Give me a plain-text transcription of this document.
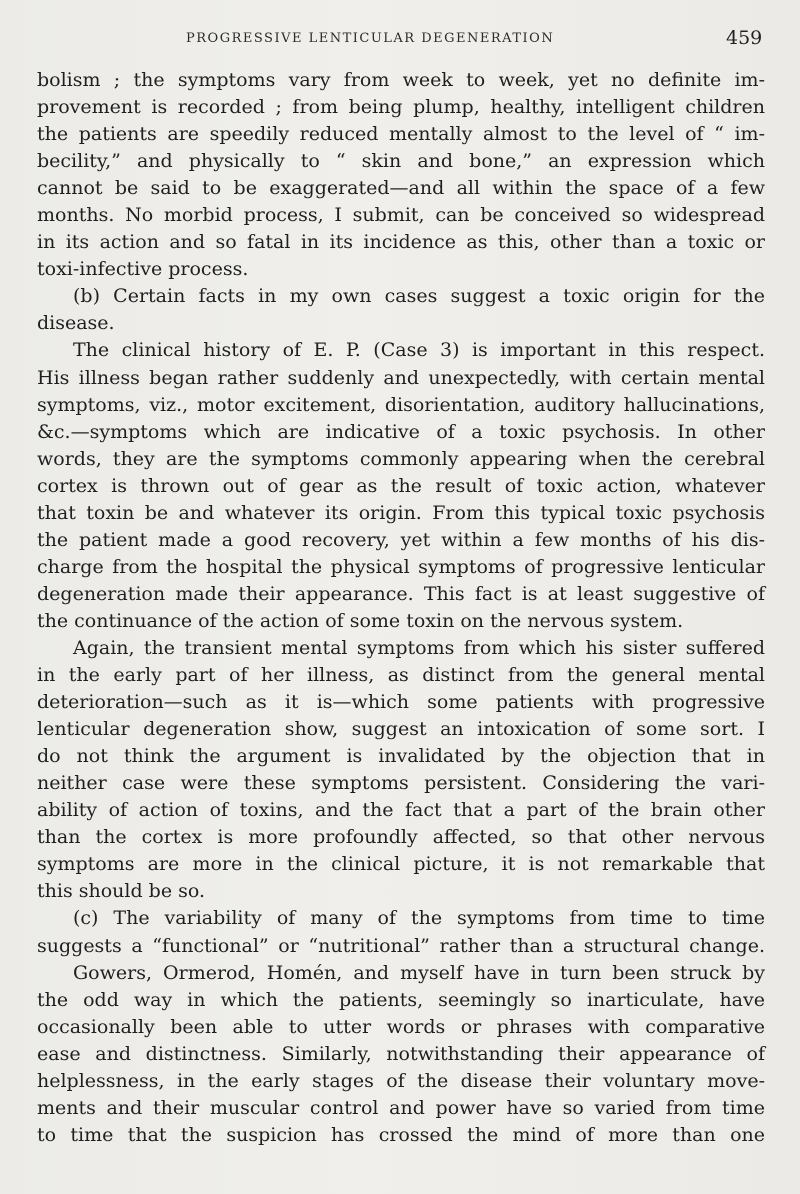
PROGRESSIVE LENTICULAR DEGENERATION	459
bolism ; the symptoms vary from week to week, yet no definite im-
provement is recorded ; from being plump, healthy, intelligent children
the patients are speedily reduced mentally almost to the level of “ im-
becility,” and physically to “ skin and bone,” an expression which
cannot be said to be exaggerated—and all within the space of a few
months. No morbid process, I submit, can be conceived so widespread
in its action and so fatal in its incidence as this, other than a toxic or
toxi-infective process.
(b) Certain facts in my own cases suggest a toxic origin for the
disease.
The clinical history of E. P. (Case 3) is important in this respect.
His illness began rather suddenly and unexpectedly, with certain mental
symptoms, viz., motor excitement, disorientation, auditory hallucinations,
&c.—symptoms which are indicative of a toxic psychosis. In other
words, they are the symptoms commonly appearing when the cerebral
cortex is thrown out of gear as the result of toxic action, whatever
that toxin be and whatever its origin. From this typical toxic psychosis
the patient made a good recovery, yet within a few months of his dis-
charge from the hospital the physical symptoms of progressive lenticular
degeneration made their appearance. This fact is at least suggestive of
the continuance of the action of some toxin on the nervous system.
Again, the transient mental symptoms from which his sister suffered
in the early part of her illness, as distinct from the general mental
deterioration—such as it is—which some patients with progressive
lenticular degeneration show, suggest an intoxication of some sort. I
do not think the argument is invalidated by the objection that in
neither case were these symptoms persistent. Considering the vari-
ability of action of toxins, and the fact that a part of the brain other
than the cortex is more profoundly affected, so that other nervous
symptoms are more in the clinical picture, it is not remarkable that
this should be so.
(c) The variability of many of the symptoms from time to time
suggests a “functional” or “nutritional” rather than a structural change.
Gowers, Ormerod, Homén, and myself have in turn been struck by
the odd way in which the patients, seemingly so inarticulate, have
occasionally been able to utter words or phrases with comparative
ease and distinctness. Similarly, notwithstanding their appearance of
helplessness, in the early stages of the disease their voluntary move-
ments and their muscular control and power have so varied from time
to time that the suspicion has crossed the mind of more than one
